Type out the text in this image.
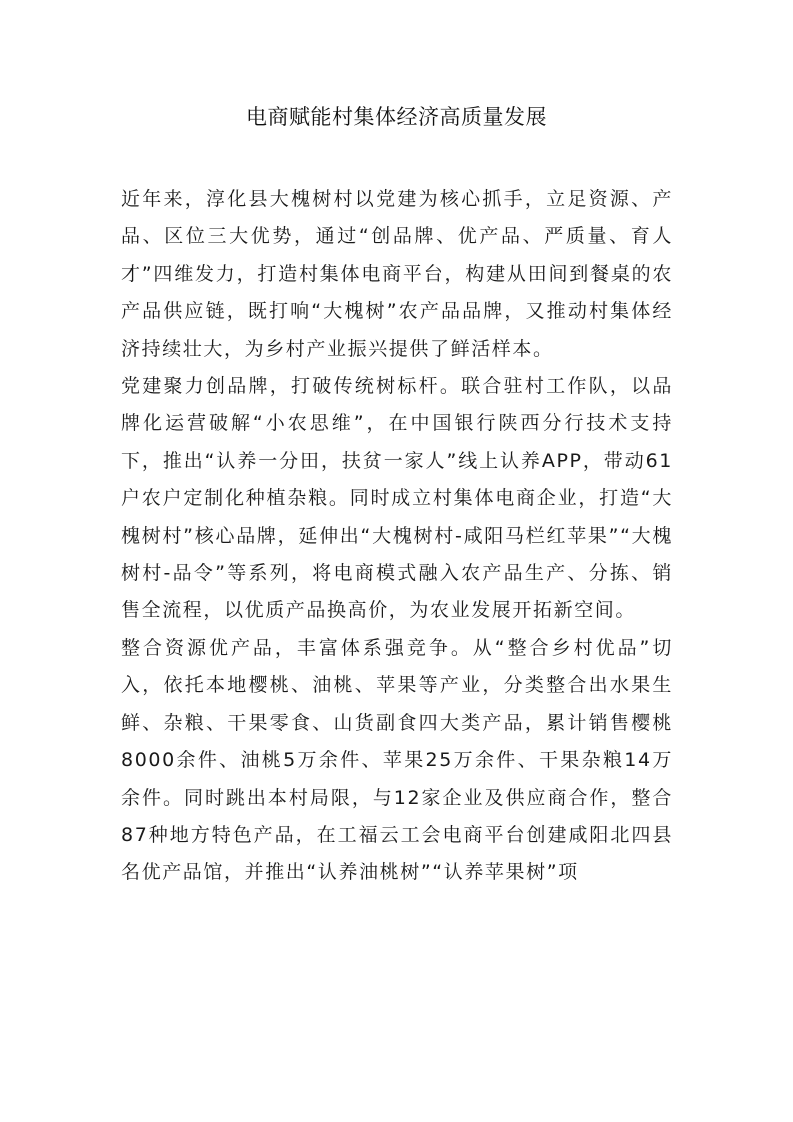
电商赋能村集体经济高质量发展

近年来，淳化县大槐树村以党建为核心抓手，立足资源、产品、区位三大优势，通过“创品牌、优产品、严质量、育人才”四维发力，打造村集体电商平台，构建从田间到餐桌的农产品供应链，既打响“大槐树”农产品品牌，又推动村集体经济持续壮大，为乡村产业振兴提供了鲜活样本。

党建聚力创品牌，打破传统树标杆。联合驻村工作队，以品牌化运营破解“小农思维”，在中国银行陕西分行技术支持下，推出“认养一分田，扶贫一家人”线上认养APP，带动61户农户定制化种植杂粮。同时成立村集体电商企业，打造“大槐树村”核心品牌，延伸出“大槐树村-咸阳马栏红苹果”“大槐树村-品令”等系列，将电商模式融入农产品生产、分拣、销售全流程，以优质产品换高价，为农业发展开拓新空间。

整合资源优产品，丰富体系强竞争。从“整合乡村优品”切入，依托本地樱桃、油桃、苹果等产业，分类整合出水果生鲜、杂粮、干果零食、山货副食四大类产品，累计销售樱桃8000余件、油桃5万余件、苹果25万余件、干果杂粮14万余件。同时跳出本村局限，与12家企业及供应商合作，整合87种地方特色产品，在工福云工会电商平台创建咸阳北四县名优产品馆，并推出“认养油桃树”“认养苹果树”项
